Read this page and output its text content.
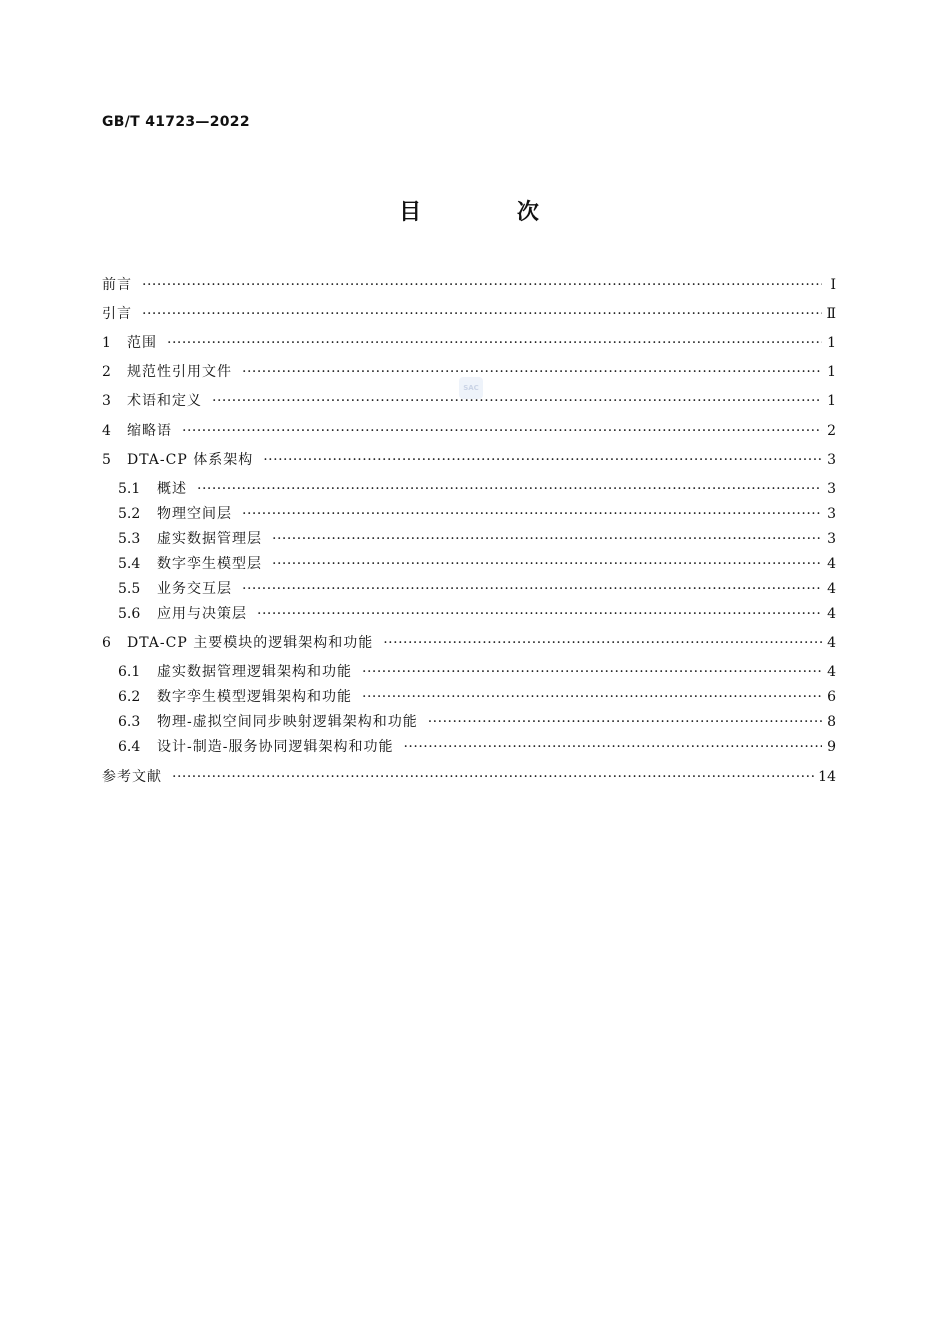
GB/T 41723—2022
目 次
SAC
前言 ·····	Ⅰ
引言 ·····	Ⅱ
1	范围 ·····	1
2	规范性引用文件 ·····	1
3	术语和定义 ·····	1
4	缩略语 ·····	2
5	DTA-CP 体系架构 ·····	3
5.1	概述 ·····	3
5.2	物理空间层 ·····	3
5.3	虚实数据管理层 ·····	3
5.4	数字孪生模型层 ·····	4
5.5	业务交互层 ·····	4
5.6	应用与决策层 ·····	4
6	DTA-CP 主要模块的逻辑架构和功能 ·····	4
6.1	虚实数据管理逻辑架构和功能 ·····	4
6.2	数字孪生模型逻辑架构和功能 ·····	6
6.3	物理-虚拟空间同步映射逻辑架构和功能 ·····	8
6.4	设计-制造-服务协同逻辑架构和功能 ·····	9
参考文献 ·····	14
